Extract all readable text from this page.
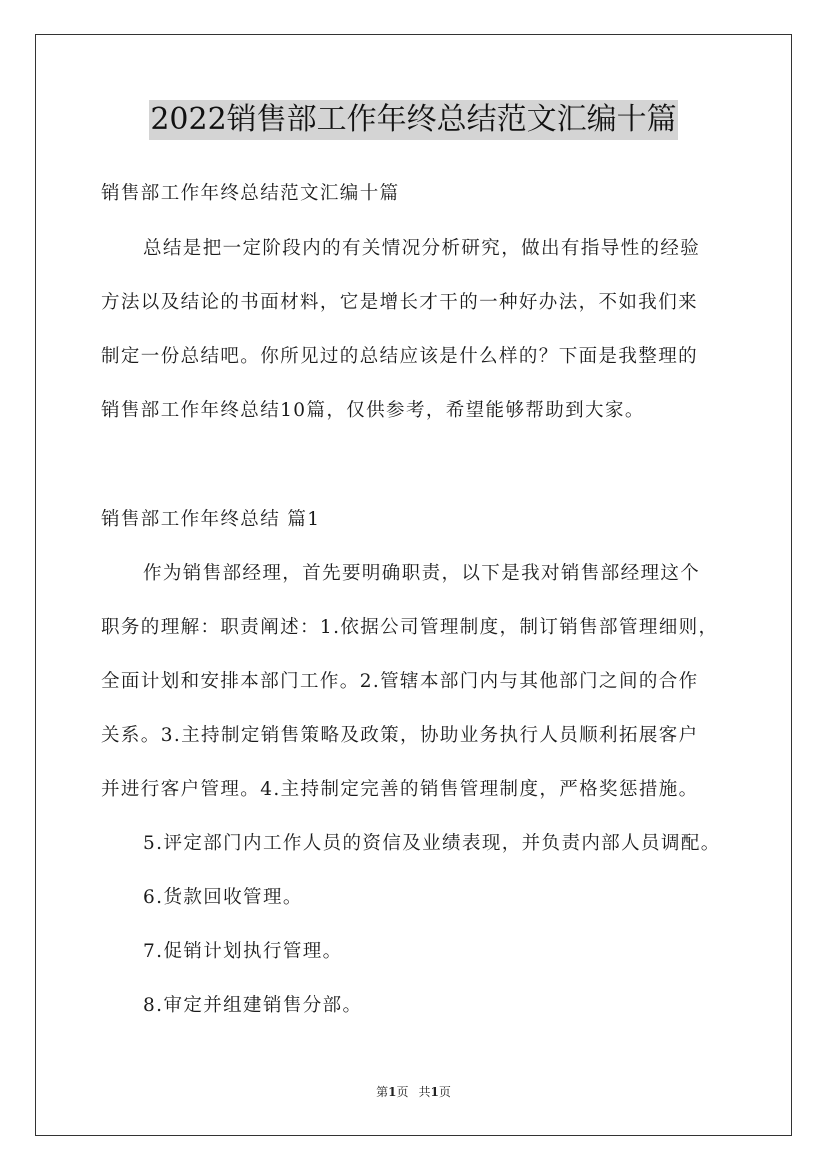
2022销售部工作年终总结范文汇编十篇
销售部工作年终总结范文汇编十篇
总结是把一定阶段内的有关情况分析研究，做出有指导性的经验
方法以及结论的书面材料，它是增长才干的一种好办法，不如我们来
制定一份总结吧。你所见过的总结应该是什么样的？下面是我整理的
销售部工作年终总结10篇，仅供参考，希望能够帮助到大家。
销售部工作年终总结 篇1
作为销售部经理，首先要明确职责，以下是我对销售部经理这个
职务的理解：职责阐述：1.依据公司管理制度，制订销售部管理细则，
全面计划和安排本部门工作。2.管辖本部门内与其他部门之间的合作
关系。3.主持制定销售策略及政策，协助业务执行人员顺利拓展客户
并进行客户管理。4.主持制定完善的销售管理制度，严格奖惩措施。
5.评定部门内工作人员的资信及业绩表现，并负责内部人员调配。
6.货款回收管理。
7.促销计划执行管理。
8.审定并组建销售分部。
第1页 共1页
